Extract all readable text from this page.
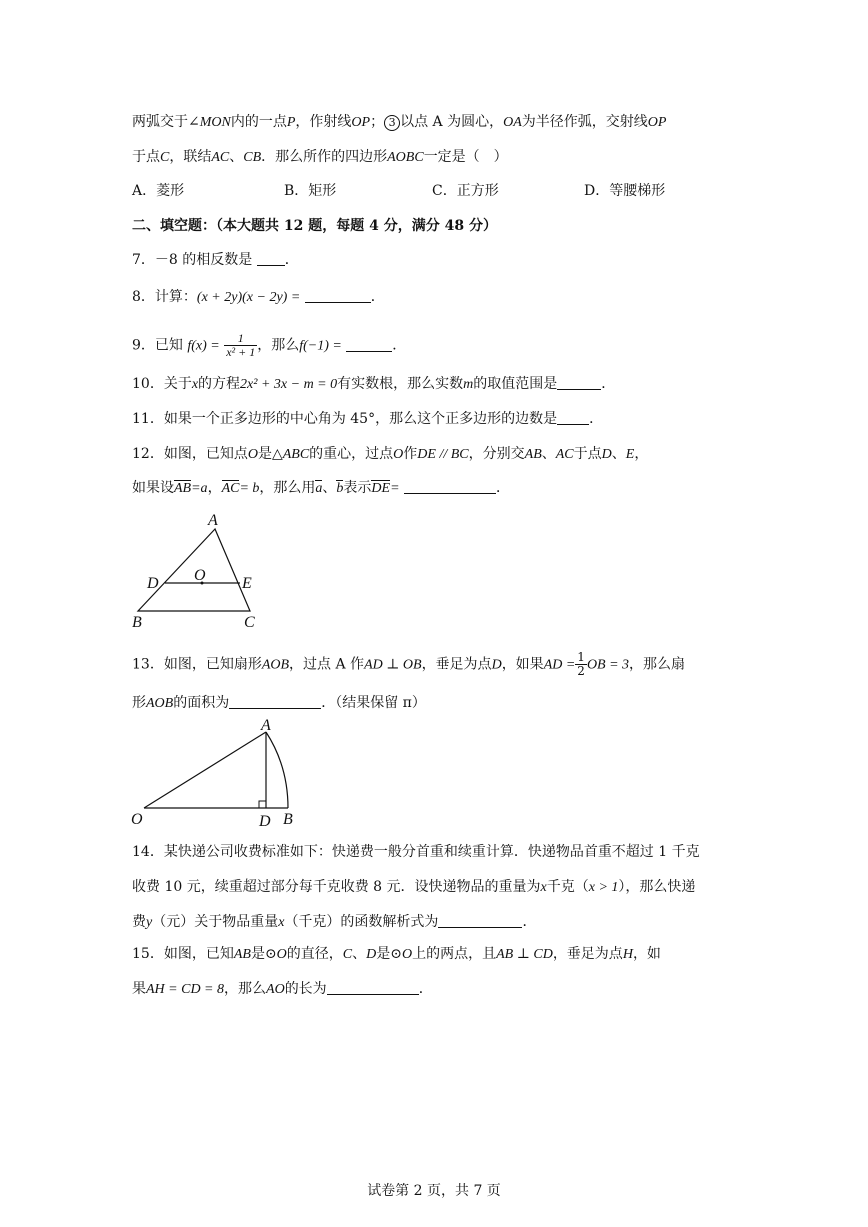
两弧交于∠MON内的一点P，作射线OP； 3 以点 A 为圆心，OA为半径作弧，交射线OP
于点C，联结AC、CB．那么所作的四边形AOBC一定是（　）
A．菱形	B．矩形	C．正方形	D．等腰梯形
二、填空题：（本大题共 12 题，每题 4 分，满分 48 分）
7．－8 的相反数是 ．
8．计算：(x + 2y)(x − 2y) =	．
9．已知 $f(x) = \frac{1}{\text{x² + 1}}$ ，那么f(−1) =	．
10．关于x的方程2x² + 3x − m = 0有实数根，那么实数m的取值范围是	．
11．如果一个正多边形的中心角为 45°，那么这个正多边形的边数是 ．
12．如图，已知点O是△ABC的重心，过点O作DE // BC，分别交AB、AC于点D、E，
如果设AB=a，AC= b，那么用a、b表示DE=	．
A
D O E
B	C
13．如图，已知扇形AOB，过点 A 作AD ⊥ OB，垂足为点D，如果AD = $\frac{1}{2}$ OB = 3，那么扇
形AOB的面积为	．（结果保留 π）
A
O	D B
14．某快递公司收费标准如下：快递费一般分首重和续重计算．快递物品首重不超过 1 千克
收费 10 元，续重超过部分每千克收费 8 元．设快递物品的重量为x千克（x > 1），那么快递
费y（元）关于物品重量x（千克）的函数解析式为	．
15．如图，已知AB是⊙O的直径，C、D是⊙O上的两点，且AB ⊥ CD，垂足为点H，如
果AH = CD = 8，那么AO的长为	．
试卷第 2 页，共 7 页
